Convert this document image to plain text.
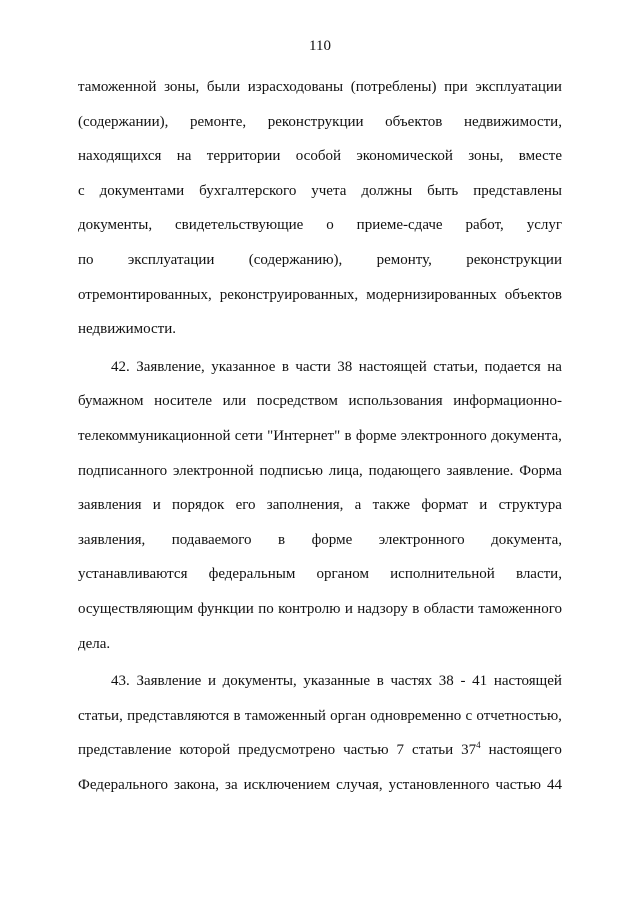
110
таможенной зоны, были израсходованы (потреблены) при эксплуатации
(содержании), ремонте, реконструкции объектов недвижимости,
находящихся на территории особой экономической зоны, вместе
с документами бухгалтерского учета должны быть представлены
документы, свидетельствующие о приеме-сдаче работ, услуг
по эксплуатации (содержанию), ремонту, реконструкции
отремонтированных, реконструированных, модернизированных объектов
недвижимости.
42. Заявление, указанное в части 38 настоящей статьи, подается на
бумажном носителе или посредством использования информационно-
телекоммуникационной сети "Интернет" в форме электронного документа,
подписанного электронной подписью лица, подающего заявление. Форма
заявления и порядок его заполнения, а также формат и структура
заявления, подаваемого в форме электронного документа,
устанавливаются федеральным органом исполнительной власти,
осуществляющим функции по контролю и надзору в области таможенного
дела.
43. Заявление и документы, указанные в частях 38 - 41 настоящей
статьи, представляются в таможенный орган одновременно с отчетностью,
представление которой предусмотрено частью 7 статьи $37^4$ настоящего
Федерального закона, за исключением случая, установленного частью 44
